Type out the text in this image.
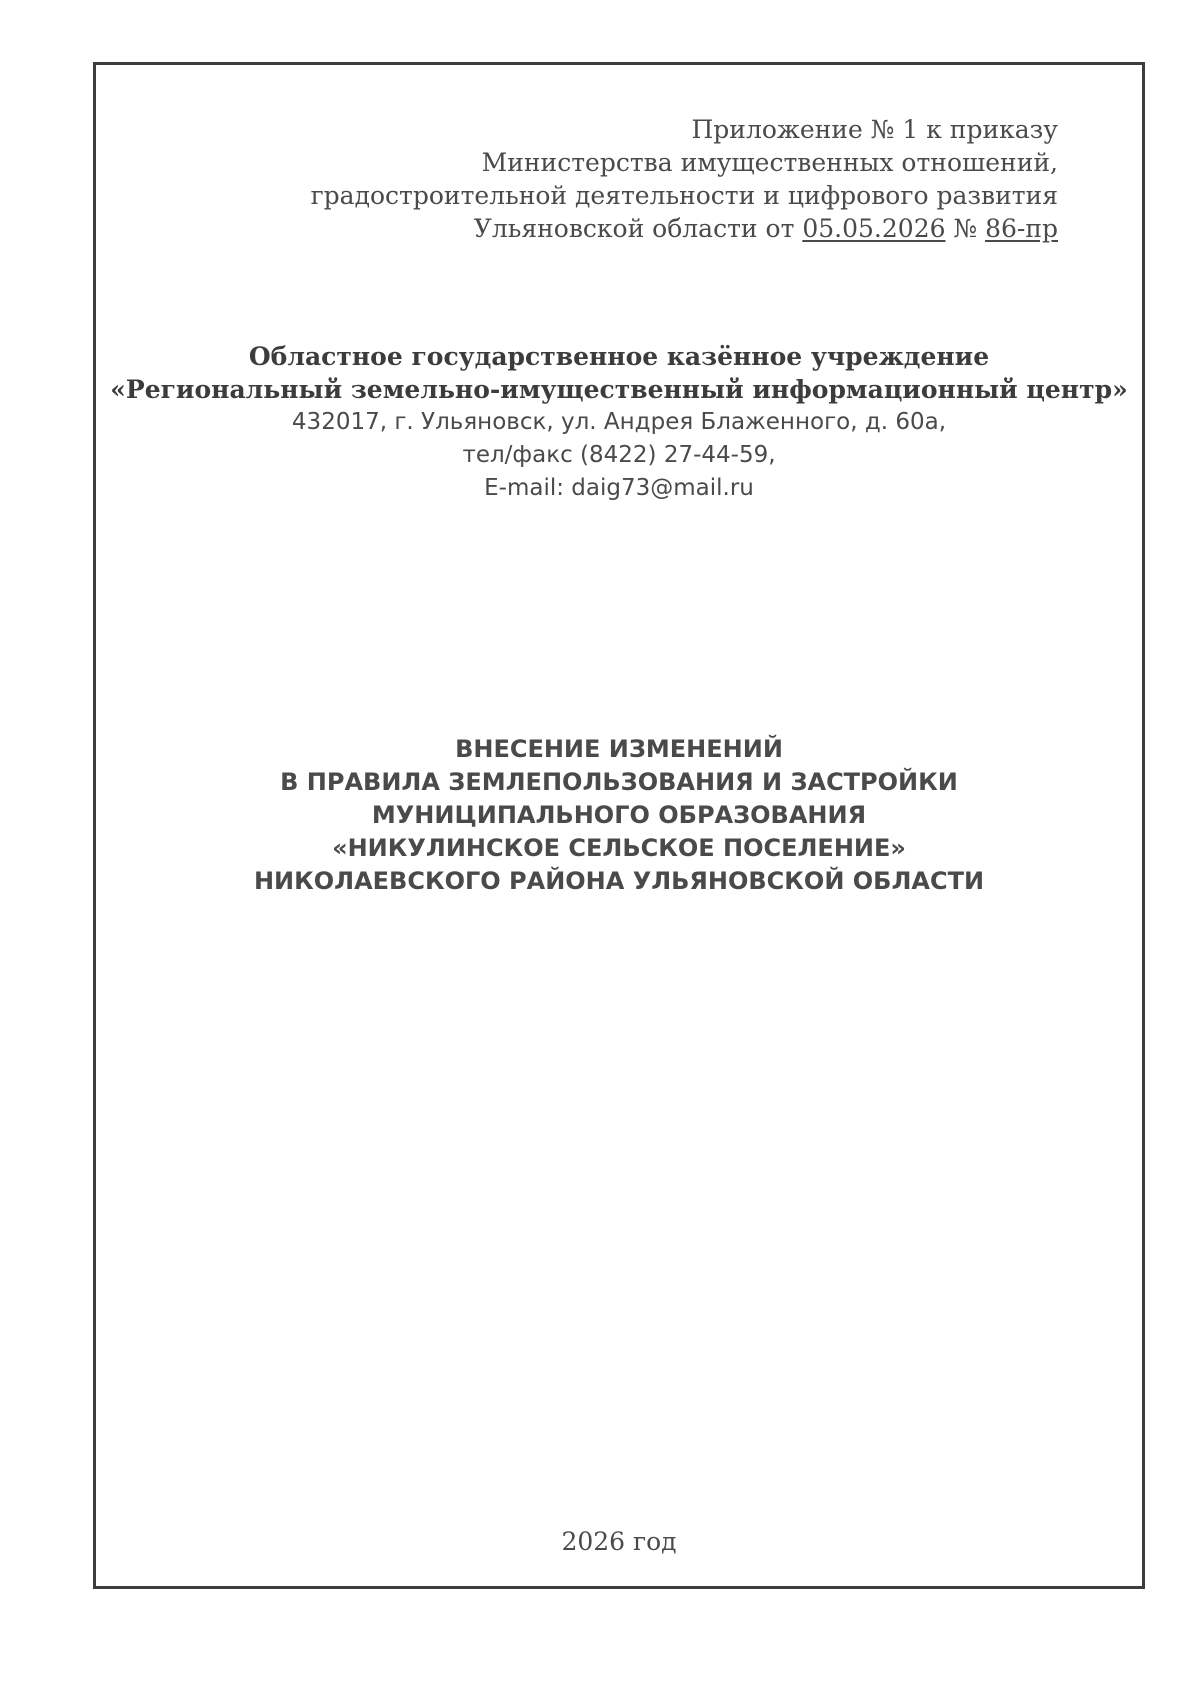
Приложение № 1 к приказу
Министерства имущественных отношений,
градостроительной деятельности и цифрового развития
Ульяновской области от 05.05.2026 № 86-пр
Областное государственное казённое учреждение
«Региональный земельно-имущественный информационный центр»
432017, г. Ульяновск, ул. Андрея Блаженного, д. 60а,
тел/факс (8422) 27-44-59,
E-mail: daig73@mail.ru
ВНЕСЕНИЕ ИЗМЕНЕНИЙ
В ПРАВИЛА ЗЕМЛЕПОЛЬЗОВАНИЯ И ЗАСТРОЙКИ
МУНИЦИПАЛЬНОГО ОБРАЗОВАНИЯ
«НИКУЛИНСКОЕ СЕЛЬСКОЕ ПОСЕЛЕНИЕ»
НИКОЛАЕВСКОГО РАЙОНА УЛЬЯНОВСКОЙ ОБЛАСТИ
2026 год
